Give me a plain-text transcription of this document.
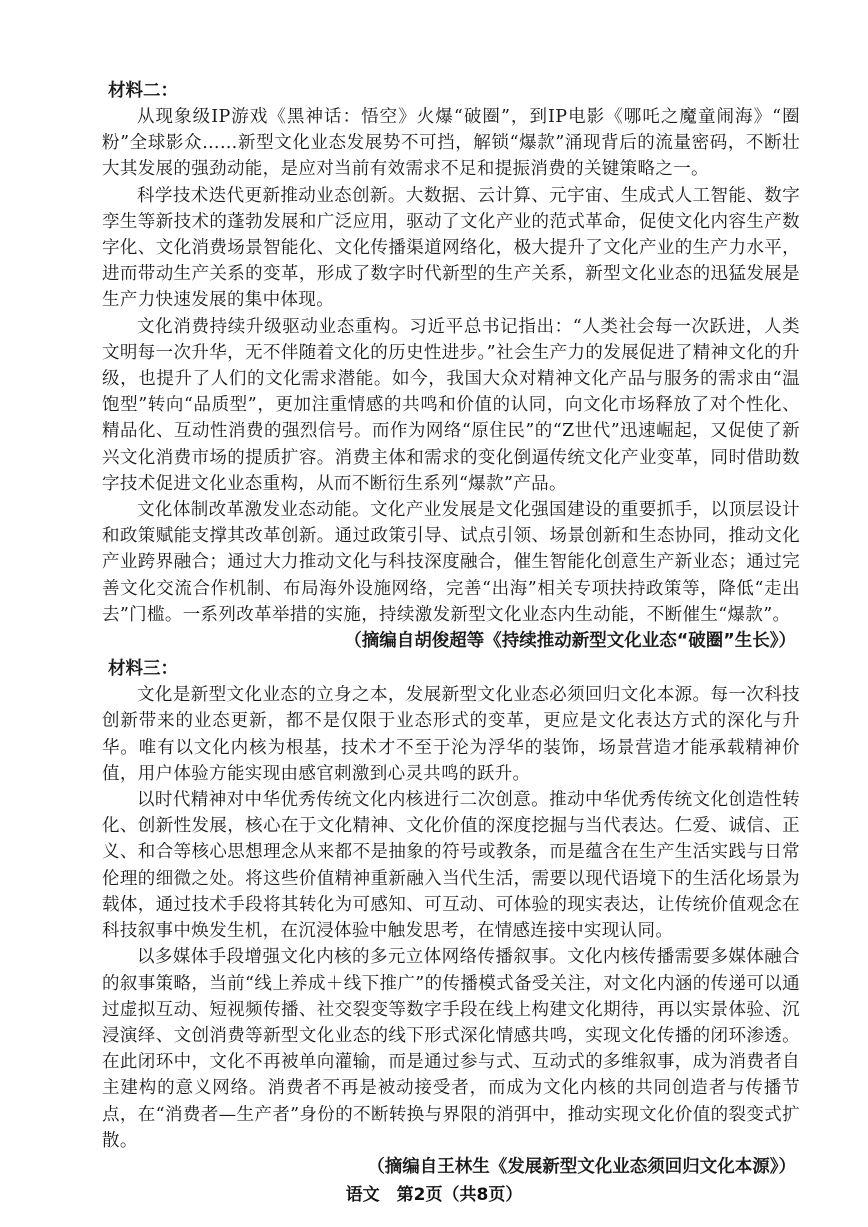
材料二：

从现象级IP游戏《黑神话：悟空》火爆“破圈”，到IP电影《哪吒之魔童闹海》“圈粉”全球影众……新型文化业态发展势不可挡，解锁“爆款”涌现背后的流量密码，不断壮大其发展的强劲动能，是应对当前有效需求不足和提振消费的关键策略之一。

科学技术迭代更新推动业态创新。大数据、云计算、元宇宙、生成式人工智能、数字孪生等新技术的蓬勃发展和广泛应用，驱动了文化产业的范式革命，促使文化内容生产数字化、文化消费场景智能化、文化传播渠道网络化，极大提升了文化产业的生产力水平，进而带动生产关系的变革，形成了数字时代新型的生产关系，新型文化业态的迅猛发展是生产力快速发展的集中体现。

文化消费持续升级驱动业态重构。习近平总书记指出：“人类社会每一次跃进，人类文明每一次升华，无不伴随着文化的历史性进步。”社会生产力的发展促进了精神文化的升级，也提升了人们的文化需求潜能。如今，我国大众对精神文化产品与服务的需求由“温饱型”转向“品质型”，更加注重情感的共鸣和价值的认同，向文化市场释放了对个性化、精品化、互动性消费的强烈信号。而作为网络“原住民”的“Z世代”迅速崛起，又促使了新兴文化消费市场的提质扩容。消费主体和需求的变化倒逼传统文化产业变革，同时借助数字技术促进文化业态重构，从而不断衍生系列“爆款”产品。

文化体制改革激发业态动能。文化产业发展是文化强国建设的重要抓手，以顶层设计和政策赋能支撑其改革创新。通过政策引导、试点引领、场景创新和生态协同，推动文化产业跨界融合；通过大力推动文化与科技深度融合，催生智能化创意生产新业态；通过完善文化交流合作机制、布局海外设施网络，完善“出海”相关专项扶持政策等，降低“走出去”门槛。一系列改革举措的实施，持续激发新型文化业态内生动能，不断催生“爆款”。

（摘编自胡俊超等《持续推动新型文化业态“破圈”生长》）

材料三：

文化是新型文化业态的立身之本，发展新型文化业态必须回归文化本源。每一次科技创新带来的业态更新，都不是仅限于业态形式的变革，更应是文化表达方式的深化与升华。唯有以文化内核为根基，技术才不至于沦为浮华的装饰，场景营造才能承载精神价值，用户体验方能实现由感官刺激到心灵共鸣的跃升。

以时代精神对中华优秀传统文化内核进行二次创意。推动中华优秀传统文化创造性转化、创新性发展，核心在于文化精神、文化价值的深度挖掘与当代表达。仁爱、诚信、正义、和合等核心思想理念从来都不是抽象的符号或教条，而是蕴含在生产生活实践与日常伦理的细微之处。将这些价值精神重新融入当代生活，需要以现代语境下的生活化场景为载体，通过技术手段将其转化为可感知、可互动、可体验的现实表达，让传统价值观念在科技叙事中焕发生机，在沉浸体验中触发思考，在情感连接中实现认同。

以多媒体手段增强文化内核的多元立体网络传播叙事。文化内核传播需要多媒体融合的叙事策略，当前“线上养成＋线下推广”的传播模式备受关注，对文化内涵的传递可以通过虚拟互动、短视频传播、社交裂变等数字手段在线上构建文化期待，再以实景体验、沉浸演绎、文创消费等新型文化业态的线下形式深化情感共鸣，实现文化传播的闭环渗透。在此闭环中，文化不再被单向灌输，而是通过参与式、互动式的多维叙事，成为消费者自主建构的意义网络。消费者不再是被动接受者，而成为文化内核的共同创造者与传播节点，在“消费者—生产者”身份的不断转换与界限的消弭中，推动实现文化价值的裂变式扩散。

（摘编自王林生《发展新型文化业态须回归文化本源》）

语文　第2页（共8页）
